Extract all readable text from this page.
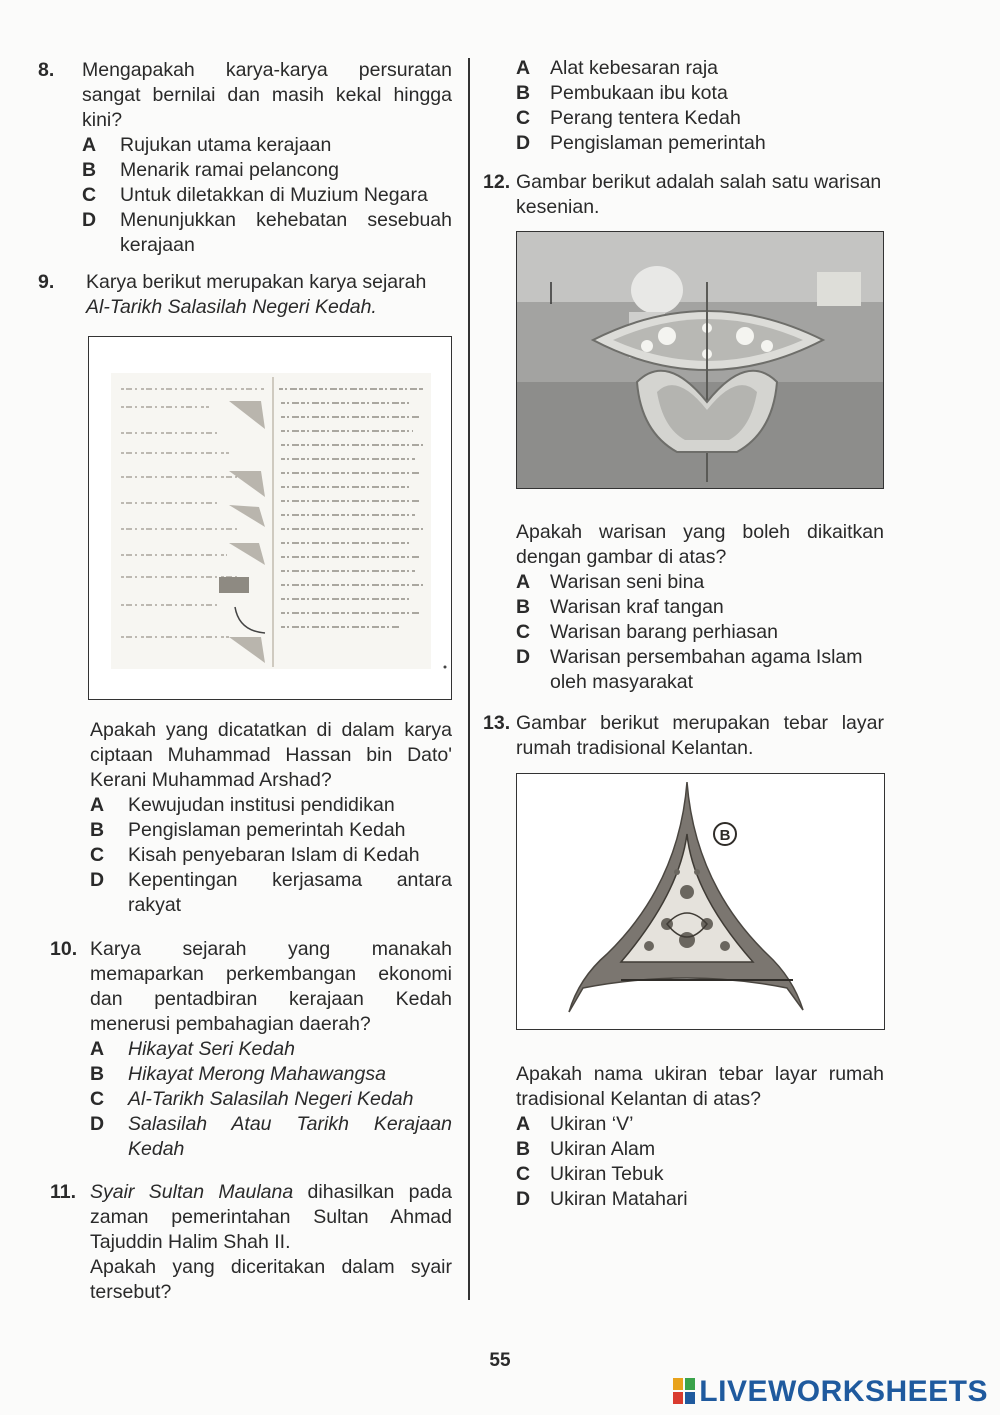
8. Mengapakah karya-karya persuratan sangat bernilai dan masih kekal hingga kini?
A Rujukan utama kerajaan
B Menarik ramai pelancong
C Untuk diletakkan di Muzium Negara
D Menunjukkan kehebatan sesebuah kerajaan
9. Karya berikut merupakan karya sejarah
Al-Tarikh Salasilah Negeri Kedah.
Apakah yang dicatatkan di dalam karya ciptaan Muhammad Hassan bin Dato' Kerani Muhammad Arshad?
A Kewujudan institusi pendidikan
B Pengislaman pemerintah Kedah
C Kisah penyebaran Islam di Kedah
D Kepentingan kerjasama antara rakyat
10. Karya sejarah yang manakah memaparkan perkembangan ekonomi dan pentadbiran kerajaan Kedah menerusi pembahagian daerah?
A Hikayat Seri Kedah
B Hikayat Merong Mahawangsa
C Al-Tarikh Salasilah Negeri Kedah
D Salasilah Atau Tarikh Kerajaan Kedah
11. Syair Sultan Maulana dihasilkan pada zaman pemerintahan Sultan Ahmad Tajuddin Halim Shah II.
Apakah yang diceritakan dalam syair tersebut?
A Alat kebesaran raja
B Pembukaan ibu kota
C Perang tentera Kedah
D Pengislaman pemerintah
12. Gambar berikut adalah salah satu warisan kesenian.
Apakah warisan yang boleh dikaitkan dengan gambar di atas?
A Warisan seni bina
B Warisan kraf tangan
C Warisan barang perhiasan
D Warisan persembahan agama Islam oleh masyarakat
13. Gambar berikut merupakan tebar layar rumah tradisional Kelantan.
B
Apakah nama ukiran tebar layar rumah tradisional Kelantan di atas?
A Ukiran ‘V’
B Ukiran Alam
C Ukiran Tebuk
D Ukiran Matahari
55
LIVEWORKSHEETS
